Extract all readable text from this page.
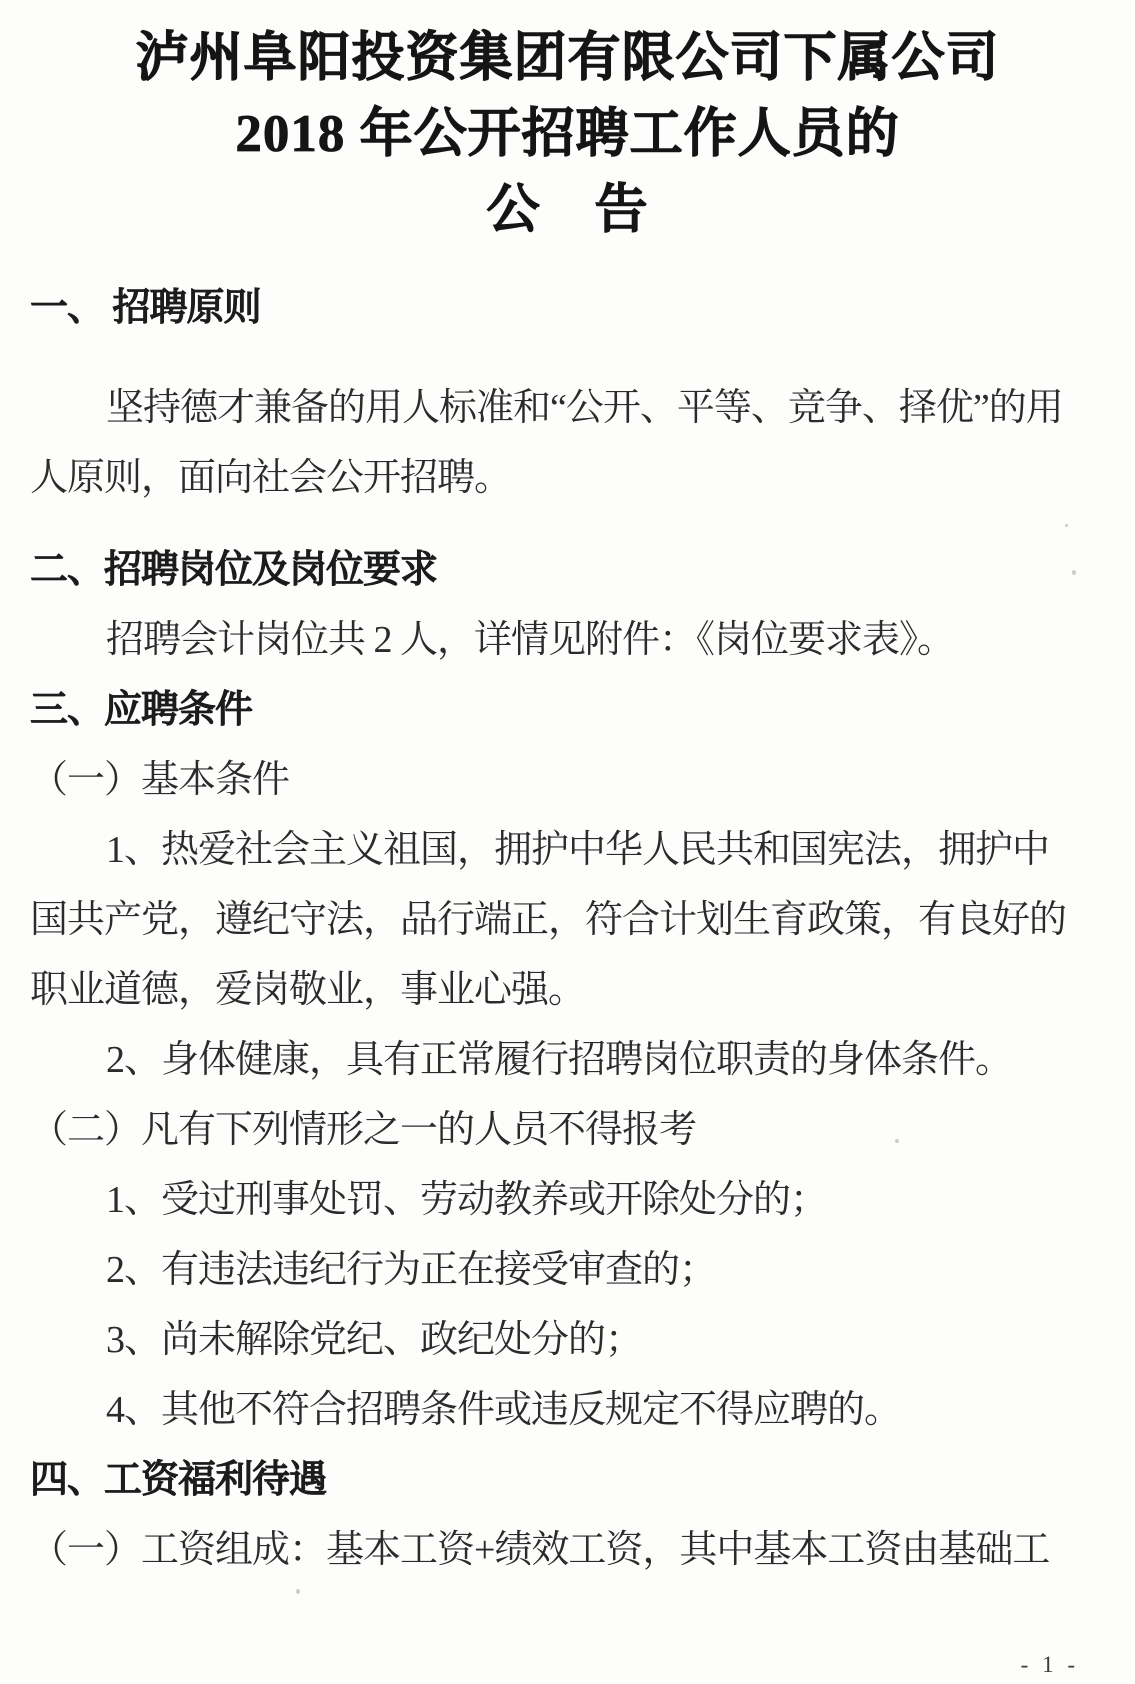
泸州阜阳投资集团有限公司下属公司
2018 年公开招聘工作人员的
公　告
一、 招聘原则
坚持德才兼备的用人标准和“公开、平等、竞争、择优”的用
人原则，面向社会公开招聘。
二、招聘岗位及岗位要求
招聘会计岗位共 2 人，详情见附件：《岗位要求表》。
三、应聘条件
（一）基本条件
1、热爱社会主义祖国，拥护中华人民共和国宪法，拥护中
国共产党，遵纪守法，品行端正，符合计划生育政策，有良好的
职业道德，爱岗敬业，事业心强。
2、身体健康，具有正常履行招聘岗位职责的身体条件。
（二）凡有下列情形之一的人员不得报考
1、受过刑事处罚、劳动教养或开除处分的；
2、有违法违纪行为正在接受审查的；
3、尚未解除党纪、政纪处分的；
4、其他不符合招聘条件或违反规定不得应聘的。
四、工资福利待遇
（一）工资组成：基本工资+绩效工资，其中基本工资由基础工
- 1 -
